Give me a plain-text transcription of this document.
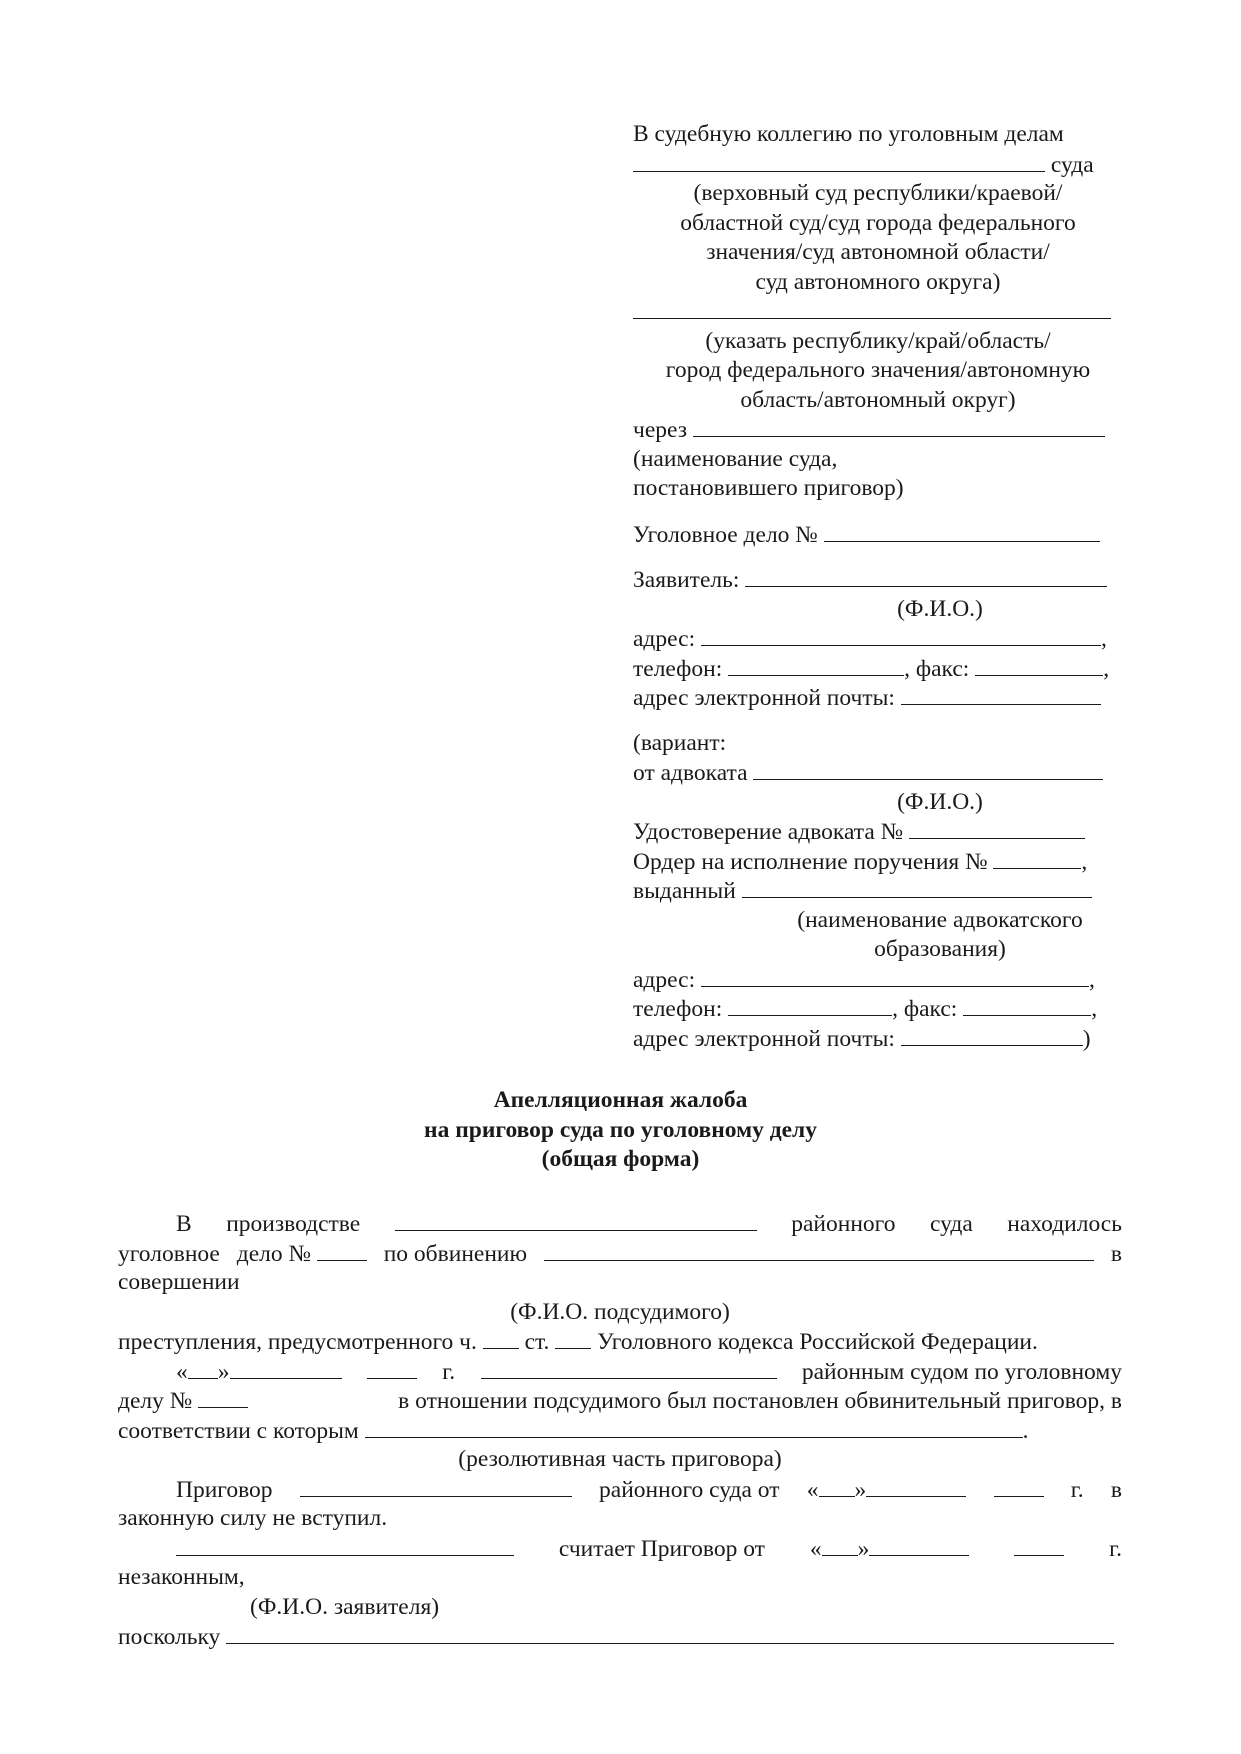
В судебную коллегию по уголовным делам
суда
(верховный суд республики/краевой/
областной суд/суд города федерального
значения/суд автономной области/
суд автономного округа)
(указать республику/край/область/
город федерального значения/автономную
область/автономный округ)
через
(наименование суда,
постановившего приговор)
Уголовное дело №
Заявитель:
(Ф.И.О.)
адрес:	,
телефон:	, факс:	,
адрес электронной почты:
(вариант:
от адвоката
(Ф.И.О.)
Удостоверение адвоката №
Ордер на исполнение поручения №	,
выданный
(наименование адвокатского
образования)
адрес:	,
телефон:	, факс:	,
адрес электронной почты:	)
Апелляционная жалоба
на приговор суда по уголовному делу
(общая форма)
В производстве	районного суда находилось
уголовное дело №	по обвинению	в
совершении
(Ф.И.О. подсудимого)
преступления, предусмотренного ч. ст. Уголовного кодекса Российской Федерации.
« »	г.	районным судом по уголовному
делу №	в отношении подсудимого был постановлен обвинительный приговор, в
соответствии с которым	.
(резолютивная часть приговора)
Приговор	районного суда от « »	г. в
законную силу не вступил.
считает Приговор от « »	г.
незаконным,
(Ф.И.О. заявителя)
поскольку
